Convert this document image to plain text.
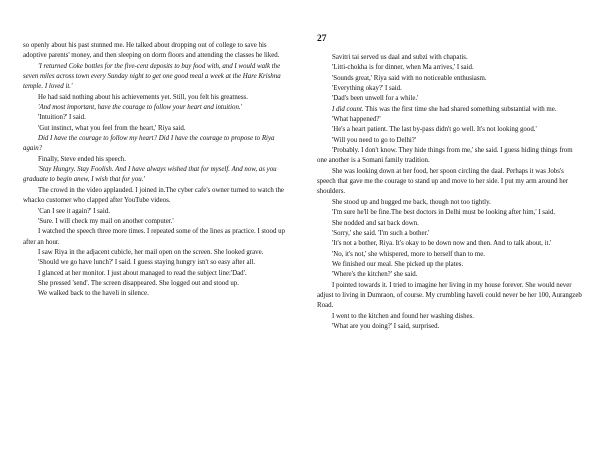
so openly about his past stunned me. He talked about dropping out of college to save his adoptive parents' money, and then sleeping on dorm floors and attending the classes he liked.

'I returned Coke bottles for the five-cent deposits to buy food with, and I would walk the seven miles across town every Sunday night to get one good meal a week at the Hare Krishna temple. I loved it.'

He had said nothing about his achievements yet. Still, you felt his greatness.

'And most important, have the courage to follow your heart and intuition.'

'Intuition?' I said.

'Gut instinct, what you feel from the heart,' Riya said.

Did I have the courage to follow my heart? Did I have the courage to propose to Riya again?

Finally, Steve ended his speech.

'Stay Hungry. Stay Foolish. And I have always wished that for myself. And now, as you graduate to begin anew, I wish that for you.'

The crowd in the video applauded. I joined in.The cyber cafe's owner turned to watch the whacko customer who clapped after YouTube videos.

'Can I see it again?' I said.

'Sure. I will check my mail on another computer.'

I watched the speech three more times. I repeated some of the lines as practice. I stood up after an hour.

I saw Riya in the adjacent cubicle, her mail open on the screen. She looked grave.

'Should we go have lunch?' I said. I guess staying hungry isn't so easy after all.

I glanced at her monitor. I just about managed to read the subject line:'Dad'.

She pressed 'send'. The screen disappeared. She logged out and stood up.

We walked back to the haveli in silence.

27

Savitri tai served us daal and subzi with chapatis.

'Litti-chokha is for dinner, when Ma arrives,' I said.

'Sounds great,' Riya said with no noticeable enthusiasm.

'Everything okay?' I said.

'Dad's been unwell for a while.'

I did count. This was the first time she had shared something substantial with me.

'What happened?'

'He's a heart patient. The last by-pass didn't go well. It's not looking good.'

'Will you need to go to Delhi?'

'Probably. I don't know. They hide things from me,' she said. I guess hiding things from one another is a Somani family tradition.

She was looking down at her food, her spoon circling the daal. Perhaps it was Jobs's speech that gave me the courage to stand up and move to her side. I put my arm around her shoulders.

She stood up and hugged me back, though not too tightly.

'I'm sure he'll be fine.The best doctors in Delhi must be looking after him,' I said.

She nodded and sat back down.

'Sorry,' she said. 'I'm such a bother.'

'It's not a bother, Riya. It's okay to be down now and then. And to talk about, it.'

'No, it's not,' she whispered, more to herself than to me.

We finished our meal. She picked up the plates.

'Where's the kitchen?' she said.

I pointed towards it. I tried to imagine her living in my house forever. She would never adjust to living in Dumraon, of course. My crumbling haveli could never be her 100, Aurangzeb Road.

I went to the kitchen and found her washing dishes.

'What are you doing?' I said, surprised.
